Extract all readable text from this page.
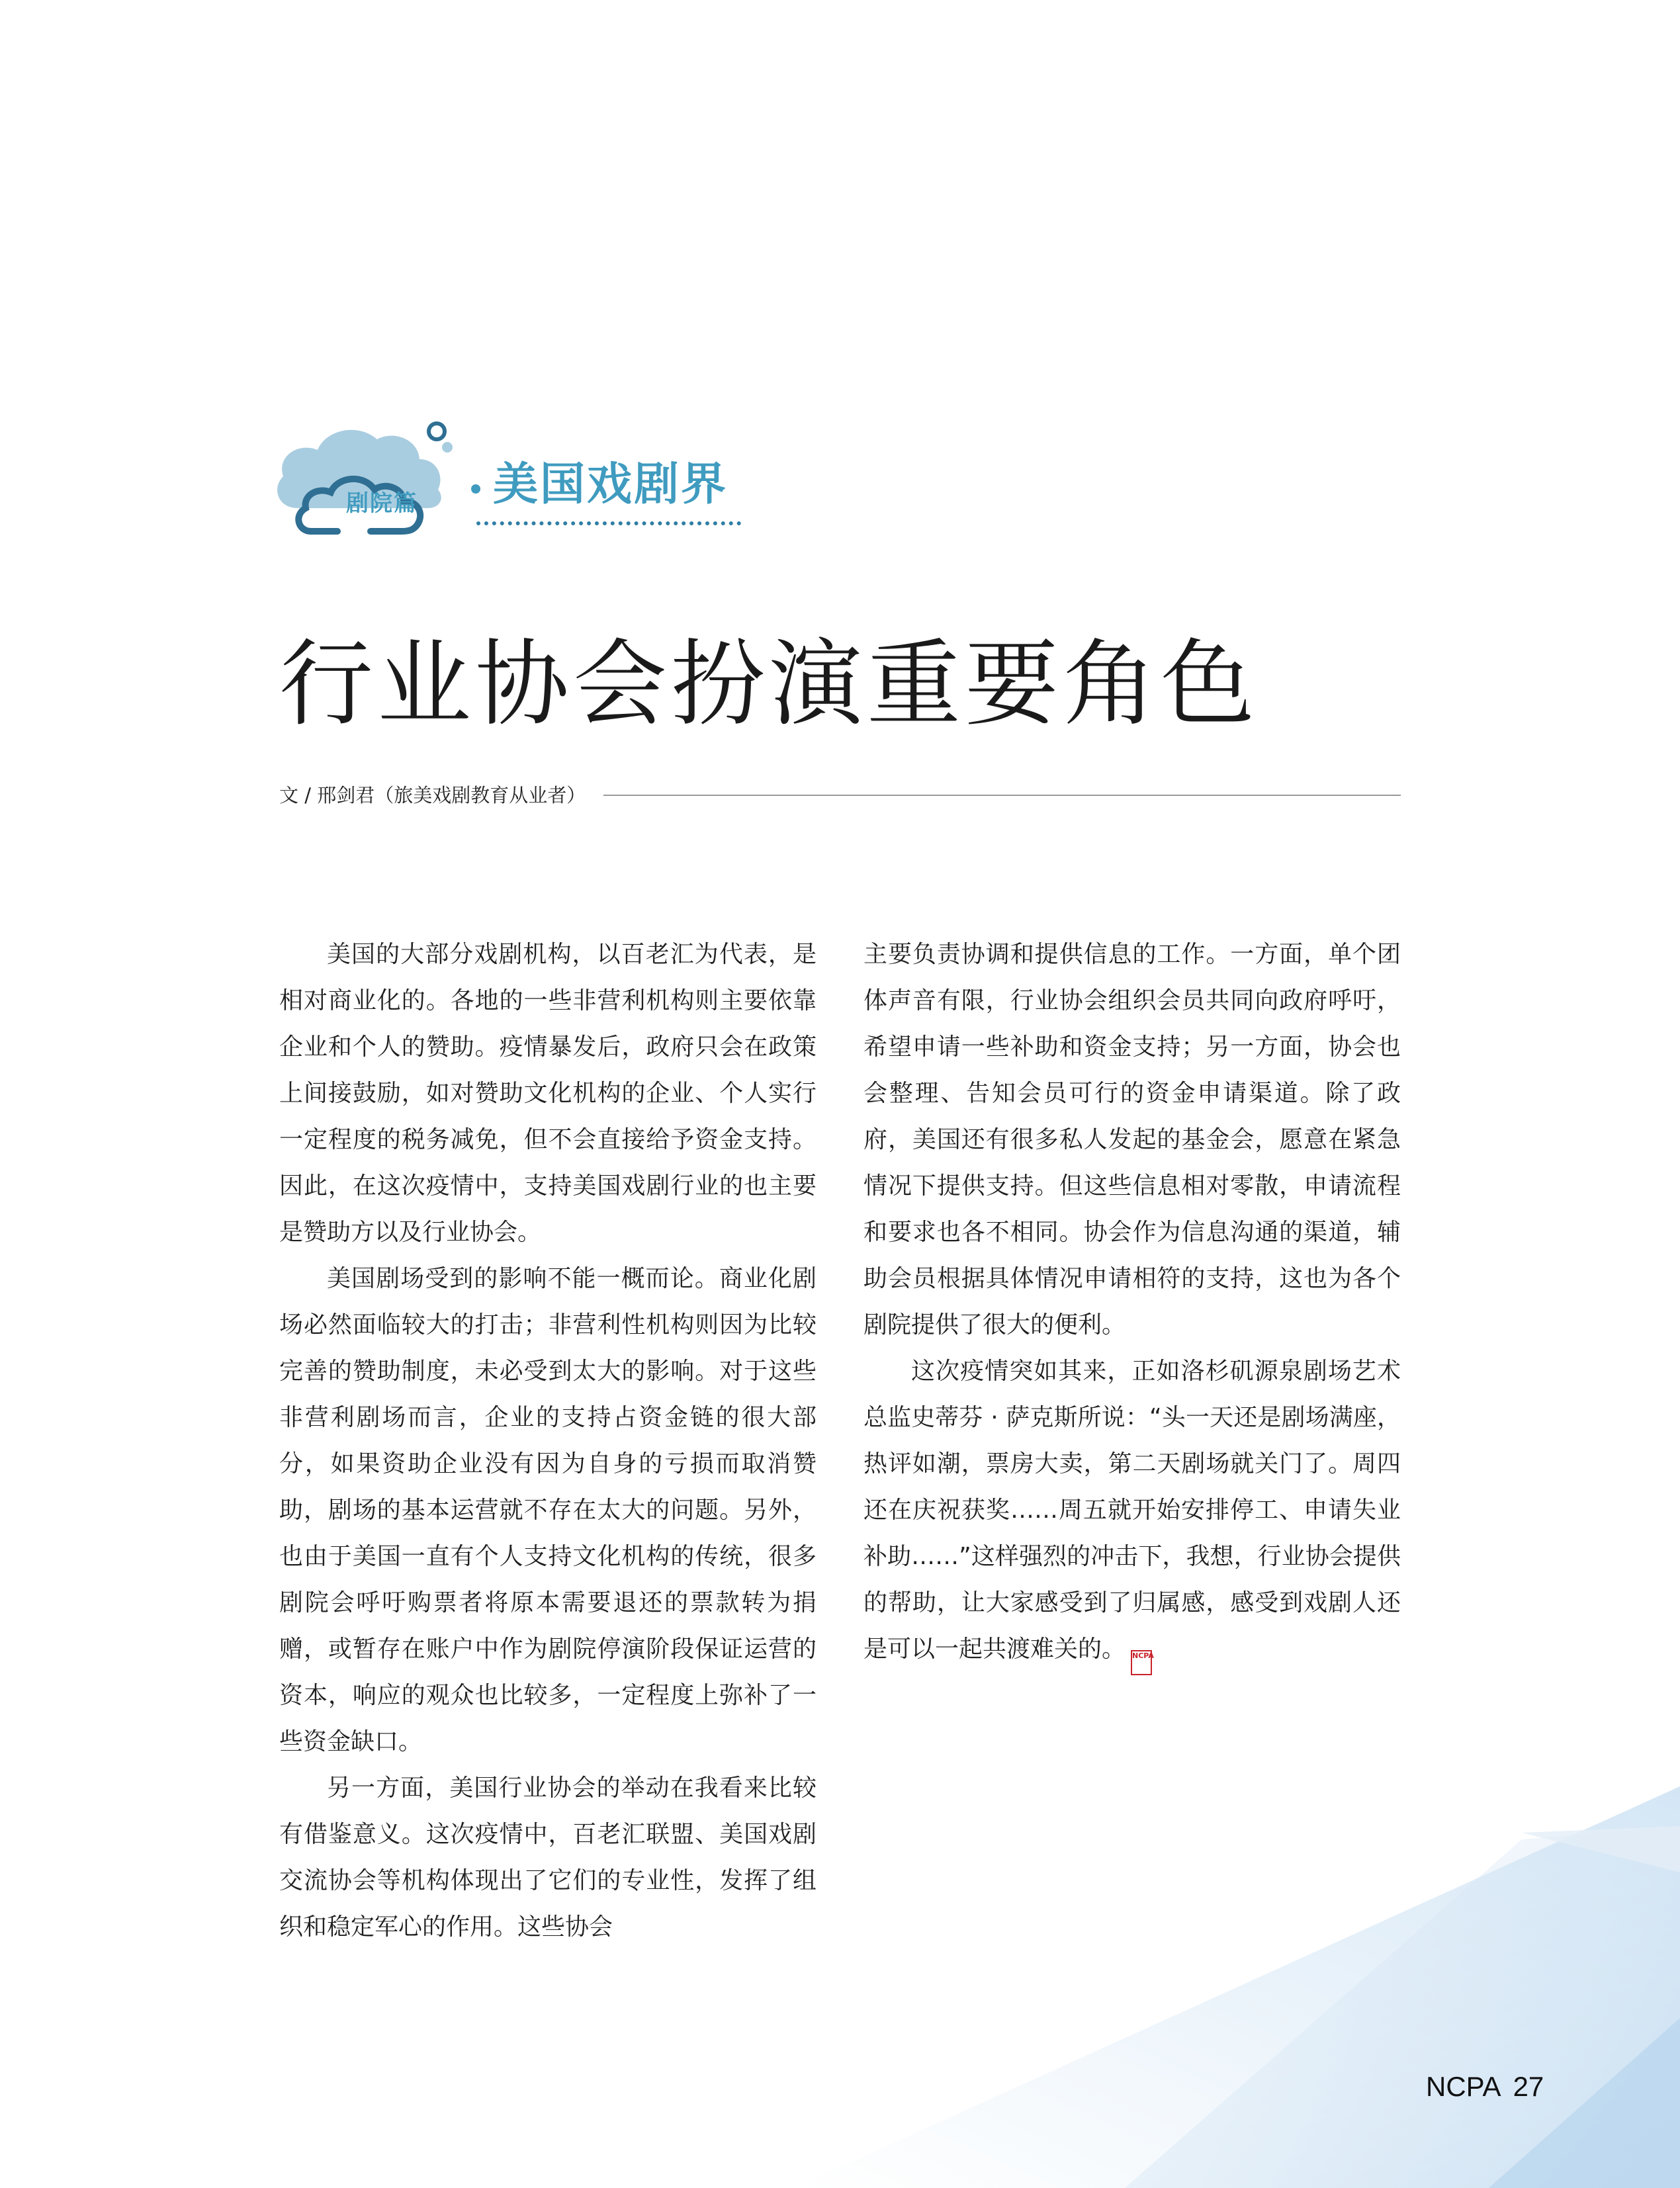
剧院篇	美国戏剧界
行业协会扮演重要角色
文 / 邢剑君（旅美戏剧教育从业者）

美国的大部分戏剧机构，以百老汇为代表，是相对商业化的。各地的一些非营利机构则主要依靠企业和个人的赞助。疫情暴发后，政府只会在政策上间接鼓励，如对赞助文化机构的企业、个人实行一定程度的税务减免，但不会直接给予资金支持。因此，在这次疫情中，支持美国戏剧行业的也主要是赞助方以及行业协会。

美国剧场受到的影响不能一概而论。商业化剧场必然面临较大的打击；非营利性机构则因为比较完善的赞助制度，未必受到太大的影响。对于这些非营利剧场而言，企业的支持占资金链的很大部分，如果资助企业没有因为自身的亏损而取消赞助，剧场的基本运营就不存在太大的问题。另外，也由于美国一直有个人支持文化机构的传统，很多剧院会呼吁购票者将原本需要退还的票款转为捐赠，或暂存在账户中作为剧院停演阶段保证运营的资本，响应的观众也比较多，一定程度上弥补了一些资金缺口。

另一方面，美国行业协会的举动在我看来比较有借鉴意义。这次疫情中，百老汇联盟、美国戏剧交流协会等机构体现出了它们的专业性，发挥了组织和稳定军心的作用。这些协会

主要负责协调和提供信息的工作。一方面，单个团体声音有限，行业协会组织会员共同向政府呼吁，希望申请一些补助和资金支持；另一方面，协会也会整理、告知会员可行的资金申请渠道。除了政府，美国还有很多私人发起的基金会，愿意在紧急情况下提供支持。但这些信息相对零散，申请流程和要求也各不相同。协会作为信息沟通的渠道，辅助会员根据具体情况申请相符的支持，这也为各个剧院提供了很大的便利。

这次疫情突如其来，正如洛杉矶源泉剧场艺术总监史蒂芬 · 萨克斯所说：“头一天还是剧场满座，热评如潮，票房大卖，第二天剧场就关门了。周四还在庆祝获奖……周五就开始安排停工、申请失业补助……”这样强烈的冲击下，我想，行业协会提供的帮助，让大家感受到了归属感，感受到戏剧人还是可以一起共渡难关的。 NCPA

NCPA 27
